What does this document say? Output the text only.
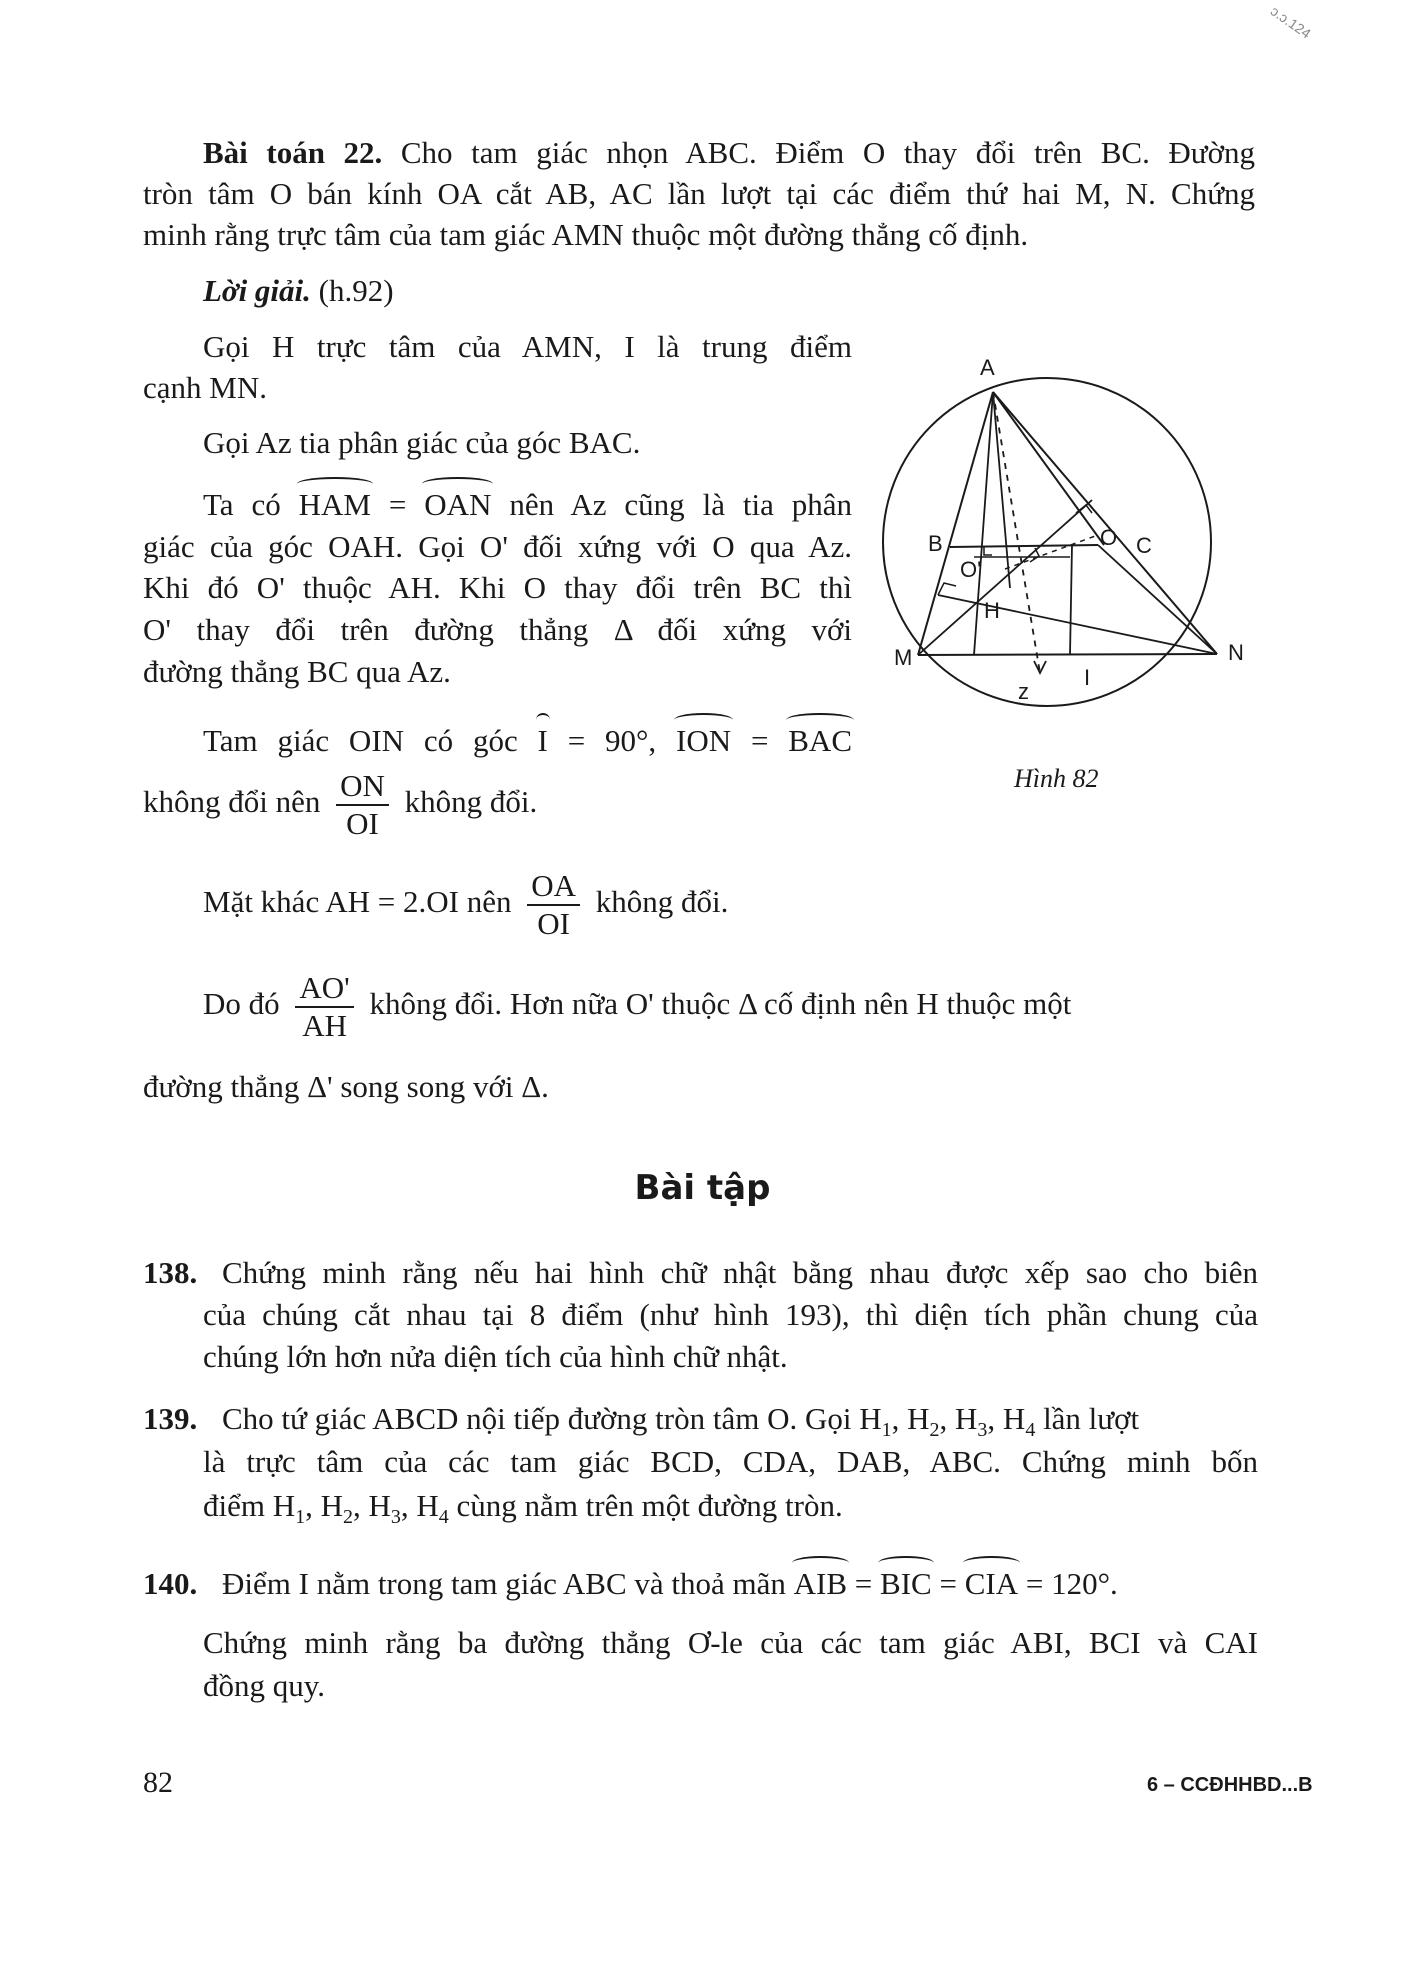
ᴐ.ᴐ.124
Bài toán 22. Cho tam giác nhọn ABC. Điểm O thay đổi trên BC. Đường
tròn tâm O bán kính OA cắt AB, AC lần lượt tại các điểm thứ hai M, N. Chứng
minh rằng trực tâm của tam giác AMN thuộc một đường thẳng cố định.
Lời giải. (h.92)
Gọi H trực tâm của AMN, I là trung điểm
cạnh MN.
Gọi Az tia phân giác của góc BAC.
Ta có HAM = OAN nên Az cũng là tia phân
giác của góc OAH. Gọi O' đối xứng với O qua Az.
Khi đó O' thuộc AH. Khi O thay đổi trên BC thì
O' thay đổi trên đường thẳng Δ đối xứng với
đường thẳng BC qua Az.
Tam giác OIN có góc I = 90°, ION = BAC
không đổi nên $\frac{ON}{OI}$ không đổi.
Mặt khác AH = 2.OI nên $\frac{OA}{OI}$ không đổi.
Do đó $\frac{AO'}{AH}$ không đổi. Hơn nữa O' thuộc Δ cố định nên H thuộc một
đường thẳng Δ' song song với Δ.
A
B	O C
O'
H
M	N
I
z
Hình 82
Bài tập
138. Chứng minh rằng nếu hai hình chữ nhật bằng nhau được xếp sao cho biên
của chúng cắt nhau tại 8 điểm (như hình 193), thì diện tích phần chung của
chúng lớn hơn nửa diện tích của hình chữ nhật.
139. Cho tứ giác ABCD nội tiếp đường tròn tâm O. Gọi $H_1$, $H_2$, $H_3$, $H_4$ lần lượt
là trực tâm của các tam giác BCD, CDA, DAB, ABC. Chứng minh bốn
điểm $H_1$, $H_2$, $H_3$, $H_4$ cùng nằm trên một đường tròn.
140. Điểm I nằm trong tam giác ABC và thoả mãn AIB = BIC = CIA = 120°.
Chứng minh rằng ba đường thẳng Ơ-le của các tam giác ABI, BCI và CAI
đồng quy.
82	6 – CCĐHHBD...B
